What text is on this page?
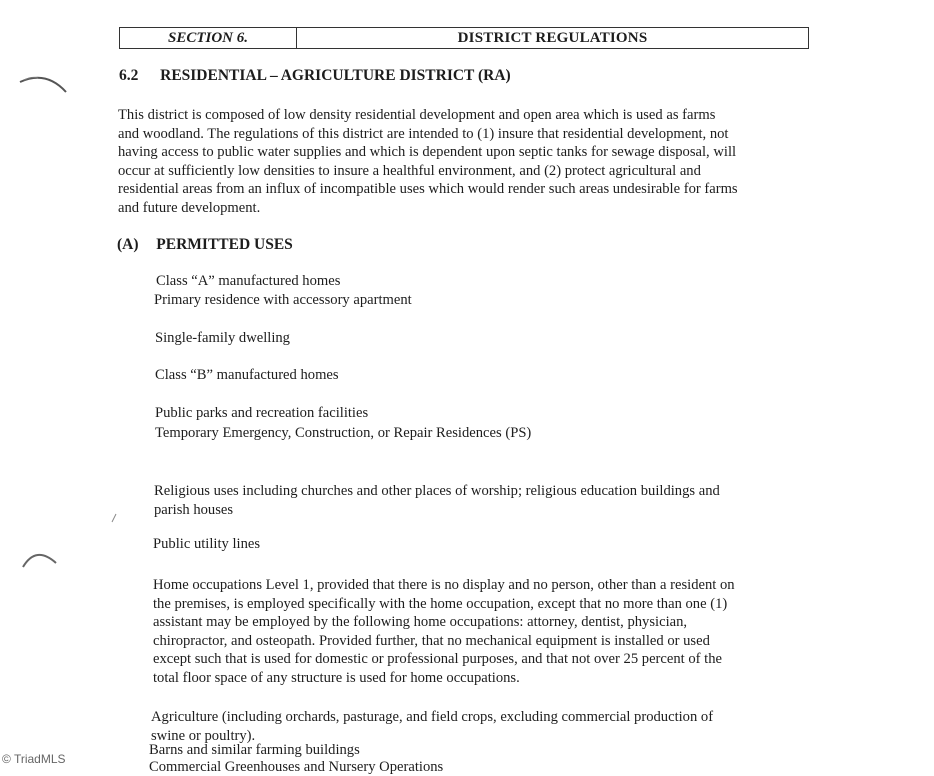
SECTION 6.	DISTRICT REGULATIONS
6.2 RESIDENTIAL – AGRICULTURE DISTRICT (RA)
This district is composed of low density residential development and open area which is used as farms
and woodland. The regulations of this district are intended to (1) insure that residential development, not
having access to public water supplies and which is dependent upon septic tanks for sewage disposal, will
occur at sufficiently low densities to insure a healthful environment, and (2) protect agricultural and
residential areas from an influx of incompatible uses which would render such areas undesirable for farms
and future development.
(A) PERMITTED USES
Class “A” manufactured homes
Primary residence with accessory apartment
Single-family dwelling
Class “B” manufactured homes
Public parks and recreation facilities
Temporary Emergency, Construction, or Repair Residences (PS)
Religious uses including churches and other places of worship; religious education buildings and
parish houses
Public utility lines
Home occupations Level 1, provided that there is no display and no person, other than a resident on
the premises, is employed specifically with the home occupation, except that no more than one (1)
assistant may be employed by the following home occupations: attorney, dentist, physician,
chiropractor, and osteopath. Provided further, that no mechanical equipment is installed or used
except such that is used for domestic or professional purposes, and that not over 25 percent of the
total floor space of any structure is used for home occupations.
Agriculture (including orchards, pasturage, and field crops, excluding commercial production of
swine or poultry).
Barns and similar farming buildings
Commercial Greenhouses and Nursery Operations
© TriadMLS
